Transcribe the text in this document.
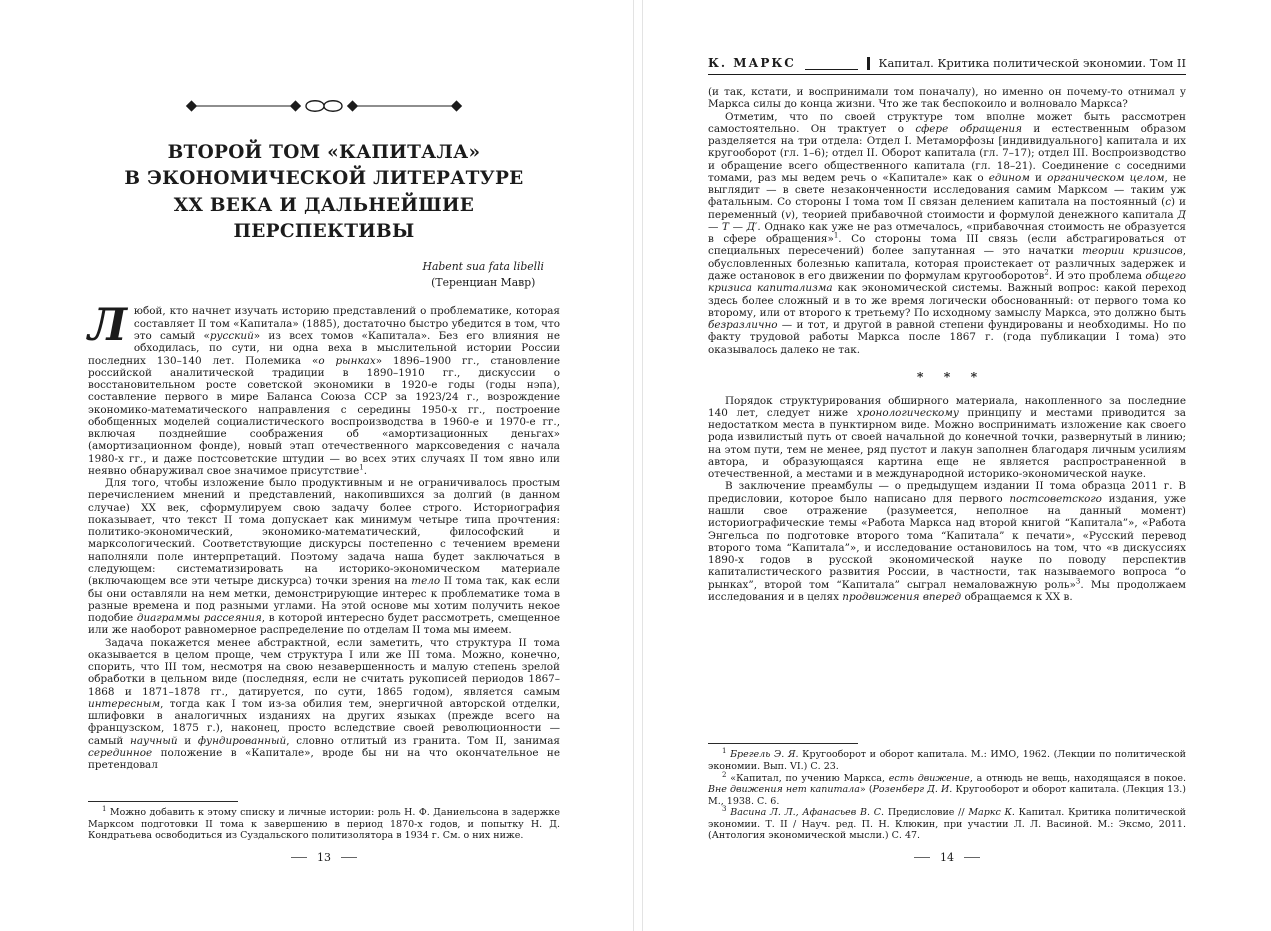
ВТОРОЙ ТОМ «КАПИТАЛА»
В ЭКОНОМИЧЕСКОЙ ЛИТЕРАТУРЕ
XX ВЕКА И ДАЛЬНЕЙШИЕ
ПЕРСПЕКТИВЫ
Habent sua fata libelli
(Теренциан Мавр)

Любой, кто начнет изучать историю представлений о проблематике, которая составляет II том «Капитала» (1885), достаточно быстро убедится в том, что это самый «русский» из всех томов «Капитала». Без его влияния не обходилась, по сути, ни одна веха в мыслительной истории России последних 130–140 лет. Полемика «о рынках» 1896–1900 гг., становление российской аналитической традиции в 1890–1910 гг., дискуссии о восстановительном росте советской экономики в 1920-е годы (годы нэпа), составление первого в мире Баланса Союза ССР за 1923/24 г., возрождение экономико-математического направления с середины 1950-х гг., построение обобщенных моделей социалистического воспроизводства в 1960-е и 1970-е гг., включая позднейшие соображения об «амортизационных деньгах» (амортизационном фонде), новый этап отечественного марксоведения с начала 1980-х гг., и даже постсоветские штудии — во всех этих случаях II том явно или неявно обнаруживал свое значимое присутствие$^1$.

Для того, чтобы изложение было продуктивным и не ограничивалось простым перечислением мнений и представлений, накопившихся за долгий (в данном случае) XX век, сформулируем свою задачу более строго. Историография показывает, что текст II тома допускает как минимум четыре типа прочтения: политико-экономический, экономико-математический, философский и марксологический. Соответствующие дискурсы постепенно с течением времени наполняли поле интерпретаций. Поэтому задача наша будет заключаться в следующем: систематизировать на историко-экономическом материале (включающем все эти четыре дискурса) точки зрения на тело II тома так, как если бы они оставляли на нем метки, демонстрирующие интерес к проблематике тома в разные времена и под разными углами. На этой основе мы хотим получить некое подобие диаграммы рассеяния, в которой интересно будет рассмотреть, смещенное или же наоборот равномерное распределение по отделам II тома мы имеем.

Задача покажется менее абстрактной, если заметить, что структура II тома оказывается в целом проще, чем структура I или же III тома. Можно, конечно, спорить, что III том, несмотря на свою незавершенность и малую степень зрелой обработки в цельном виде (последняя, если не считать рукописей периодов 1867–1868 и 1871–1878 гг., датируется, по сути, 1865 годом), является самым интересным, тогда как I том из-за обилия тем, энергичной авторской отделки, шлифовки в аналогичных изданиях на других языках (прежде всего на французском, 1875 г.), наконец, просто вследствие своей революционности — самый научный и фундированный, словно отлитый из гранита. Том II, занимая серединное положение в «Капитале», вроде бы ни на что окончательное не претендовал

$^1$ Можно добавить к этому списку и личные истории: роль Н. Ф. Даниельсона в задержке Марксом подготовки II тома к завершению в период 1870-х годов, и попытку Н. Д. Кондратьева освободиться из Суздальского политизолятора в 1934 г. См. о них ниже.

13
К. МАРКС	Капитал. Критика политической экономии. Том II

(и так, кстати, и воспринимали том поначалу), но именно он почему-то отнимал у Маркса силы до конца жизни. Что же так беспокоило и волновало Маркса?

Отметим, что по своей структуре том вполне может быть рассмотрен самостоятельно. Он трактует о сфере обращения и естественным образом разделяется на три отдела: Отдел I. Метаморфозы [индивидуального] капитала и их кругооборот (гл. 1–6); отдел II. Оборот капитала (гл. 7–17); отдел III. Воспроизводство и обращение всего общественного капитала (гл. 18–21). Соединение с соседними томами, раз мы ведем речь о «Капитале» как о едином и органическом целом, не выглядит — в свете незаконченности исследования самим Марксом — таким уж фатальным. Со стороны I тома том II связан делением капитала на постоянный (c) и переменный (v), теорией прибавочной стоимости и формулой денежного капитала Д — Т — Д′. Однако как уже не раз отмечалось, «прибавочная стоимость не образуется в сфере обращения»$^1$. Со стороны тома III связь (если абстрагироваться от специальных пересечений) более запутанная — это начатки теории кризисов, обусловленных болезнью капитала, которая проистекает от различных задержек и даже остановок в его движении по формулам кругооборотов$^2$. И это проблема общего кризиса капитализма как экономической системы. Важный вопрос: какой переход здесь более сложный и в то же время логически обоснованный: от первого тома ко второму, или от второго к третьему? По исходному замыслу Маркса, это должно быть безразлично — и тот, и другой в равной степени фундированы и необходимы. Но по факту трудовой работы Маркса после 1867 г. (года публикации I тома) это оказывалось далеко не так.

* * *

Порядок структурирования обширного материала, накопленного за последние 140 лет, следует ниже хронологическому принципу и местами приводится за недостатком места в пунктирном виде. Можно воспринимать изложение как своего рода извилистый путь от своей начальной до конечной точки, развернутый в линию; на этом пути, тем не менее, ряд пустот и лакун заполнен благодаря личным усилиям автора, и образующаяся картина еще не является распространенной в отечественной, а местами и в международной историко-экономической науке.

В заключение преамбулы — о предыдущем издании II тома образца 2011 г. В предисловии, которое было написано для первого постсоветского издания, уже нашли свое отражение (разумеется, неполное на данный момент) историографические темы «Работа Маркса над второй книгой “Капитала”», «Работа Энгельса по подготовке второго тома “Капитала” к печати», «Русский перевод второго тома “Капитала”», и исследование остановилось на том, что «в дискуссиях 1890-х годов в русской экономической науке по поводу перспектив капиталистического развития России, в частности, так называемого вопроса “о рынках”, второй том “Капитала” сыграл немаловажную роль»$^3$. Мы продолжаем исследования и в целях продвижения вперед обращаемся к XX в.

$^1$ Брегель Э. Я. Кругооборот и оборот капитала. М.: ИМО, 1962. (Лекции по политической экономии. Вып. VI.) С. 23.

$^2$ «Капитал, по учению Маркса, есть движение, а отнюдь не вещь, находящаяся в покое. Вне движения нет капитала» (Розенберг Д. И. Кругооборот и оборот капитала. (Лекция 13.) М., 1938. С. 6.

$^3$ Васина Л. Л., Афанасьев В. С. Предисловие // Маркс К. Капитал. Критика политической экономии. Т. II / Науч. ред. П. Н. Клюкин, при участии Л. Л. Васиной. М.: Эксмо, 2011. (Антология экономической мысли.) С. 47.

14
